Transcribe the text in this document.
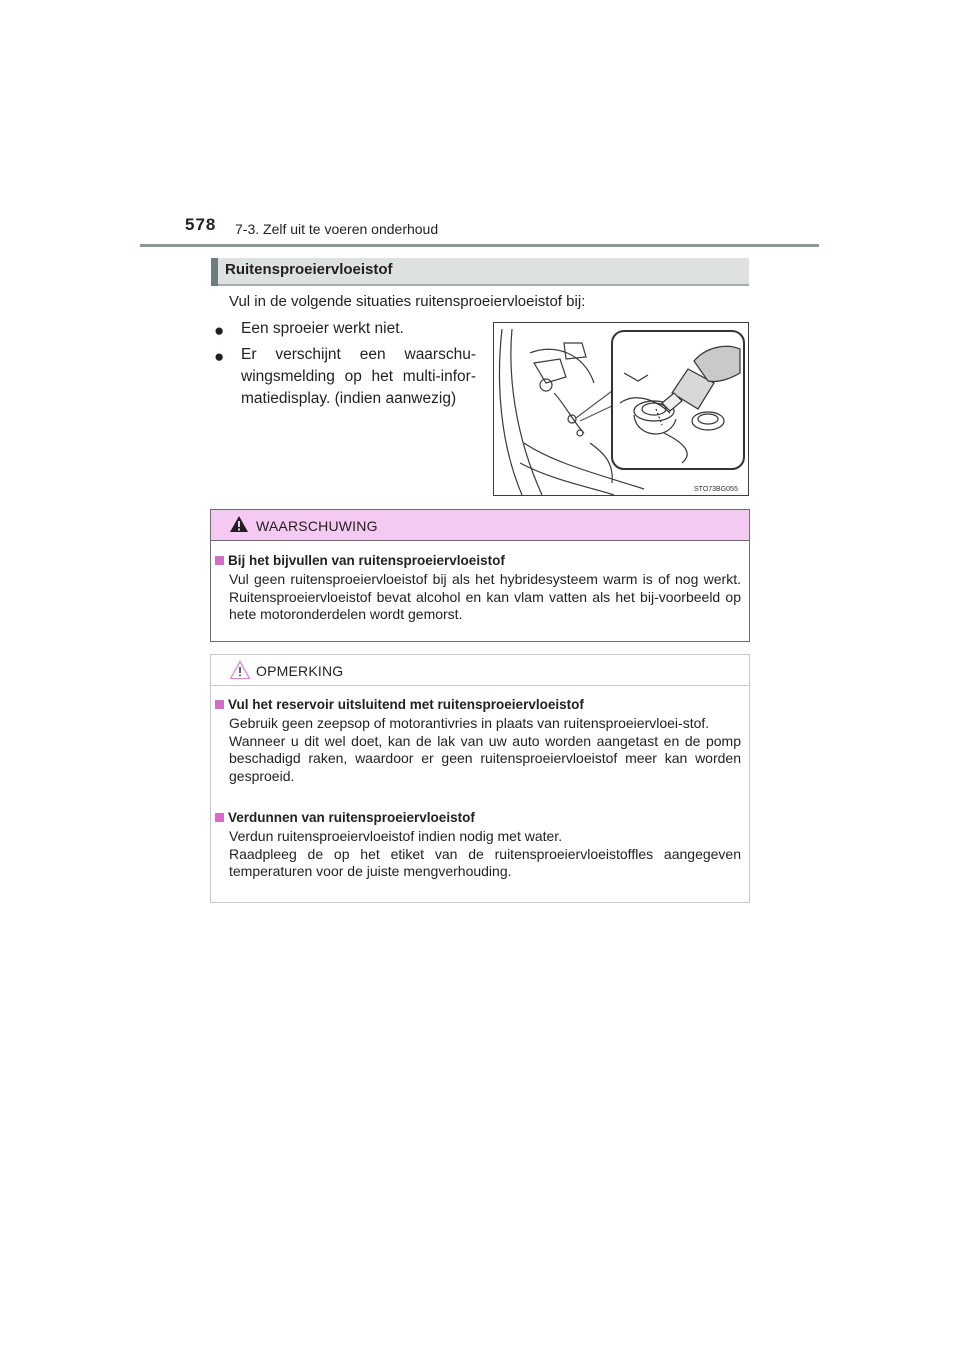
578 7-3. Zelf uit te voeren onderhoud
Ruitensproeiervloeistof
Vul in de volgende situaties ruitensproeiervloeistof bij:
● Een sproeier werkt niet.
● Er verschijnt een waarschu-wingsmelding op het multi-infor-matiedisplay. (indien aanwezig)
STO73BG055
WAARSCHUWING
Bij het bijvullen van ruitensproeiervloeistof

Vul geen ruitensproeiervloeistof bij als het hybridesysteem warm is of nog werkt. Ruitensproeiervloeistof bevat alcohol en kan vlam vatten als het bij-voorbeeld op hete motoronderdelen wordt gemorst.

OPMERKING
Vul het reservoir uitsluitend met ruitensproeiervloeistof

Gebruik geen zeepsop of motorantivries in plaats van ruitensproeiervloei-stof.

Wanneer u dit wel doet, kan de lak van uw auto worden aangetast en de pomp beschadigd raken, waardoor er geen ruitensproeiervloeistof meer kan worden gesproeid.

Verdunnen van ruitensproeiervloeistof

Verdun ruitensproeiervloeistof indien nodig met water.

Raadpleeg de op het etiket van de ruitensproeiervloeistoffles aangegeven temperaturen voor de juiste mengverhouding.
